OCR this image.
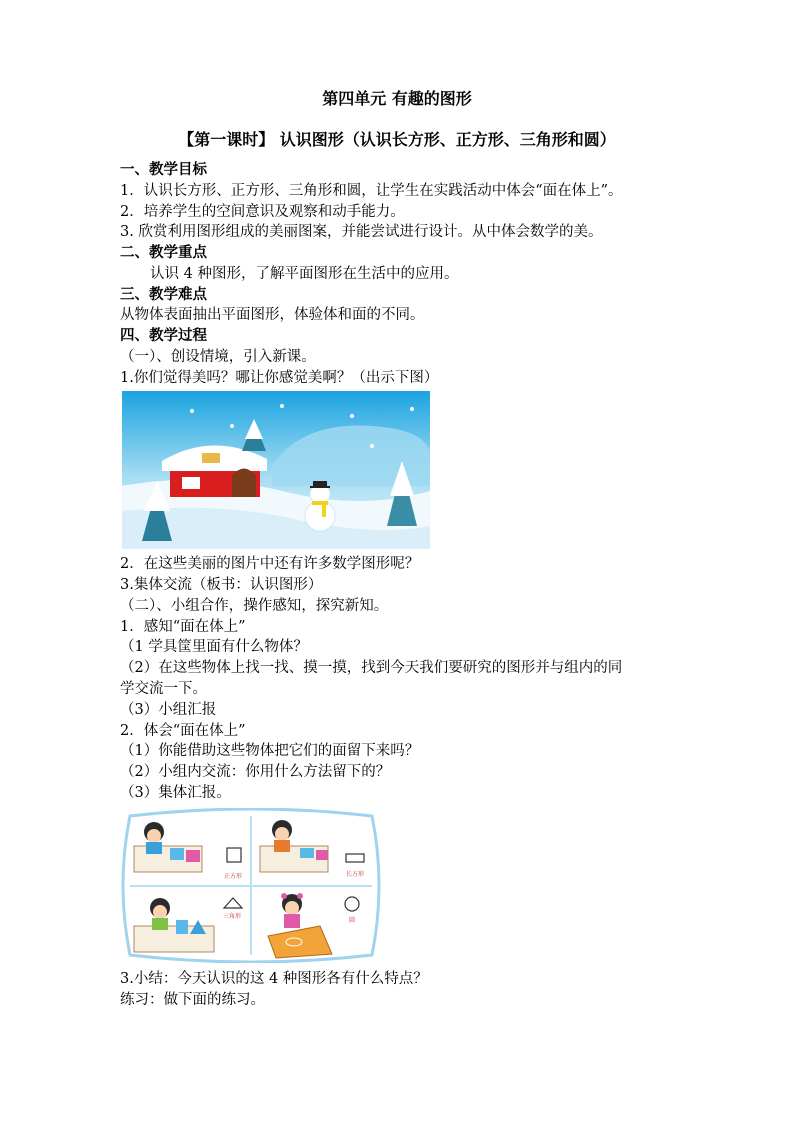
第四单元 有趣的图形
【第一课时】 认识图形（认识长方形、正方形、三角形和圆）
一、教学目标
1．认识长方形、正方形、三角形和圆，让学生在实践活动中体会“面在体上”。
2．培养学生的空间意识及观察和动手能力。
3. 欣赏利用图形组成的美丽图案，并能尝试进行设计。从中体会数学的美。
二、教学重点
认识 4 种图形，了解平面图形在生活中的应用。
三、教学难点
从物体表面抽出平面图形，体验体和面的不同。
四、教学过程
（一）、创设情境，引入新课。
1.你们觉得美吗？哪让你感觉美啊？（出示下图）
2．在这些美丽的图片中还有许多数学图形呢？
3.集体交流（板书：认识图形）
（二）、小组合作，操作感知，探究新知。
1．感知“面在体上”
（1 学具筐里面有什么物体？
（2）在这些物体上找一找、摸一摸，找到今天我们要研究的图形并与组内的同
学交流一下。
（3）小组汇报
2．体会“面在体上”
（1）你能借助这些物体把它们的面留下来吗？
（2）小组内交流：你用什么方法留下的？
（3）集体汇报。
正方形	长方形
三角形
圆
3.小结：今天认识的这 4 种图形各有什么特点？
练习：做下面的练习。
